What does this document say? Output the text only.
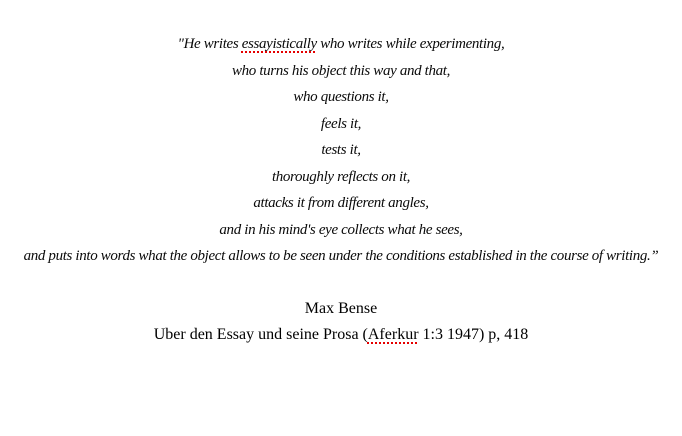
"He writes essayistically who writes while experimenting,

who turns his object this way and that,

who questions it,

feels it,

tests it,

thoroughly reflects on it,

attacks it from different angles,

and in his mind's eye collects what he sees,

and puts into words what the object allows to be seen under the conditions established in the course of writing.”

Max Bense

Uber den Essay und seine Prosa (Aferkur 1:3 1947) p, 418
